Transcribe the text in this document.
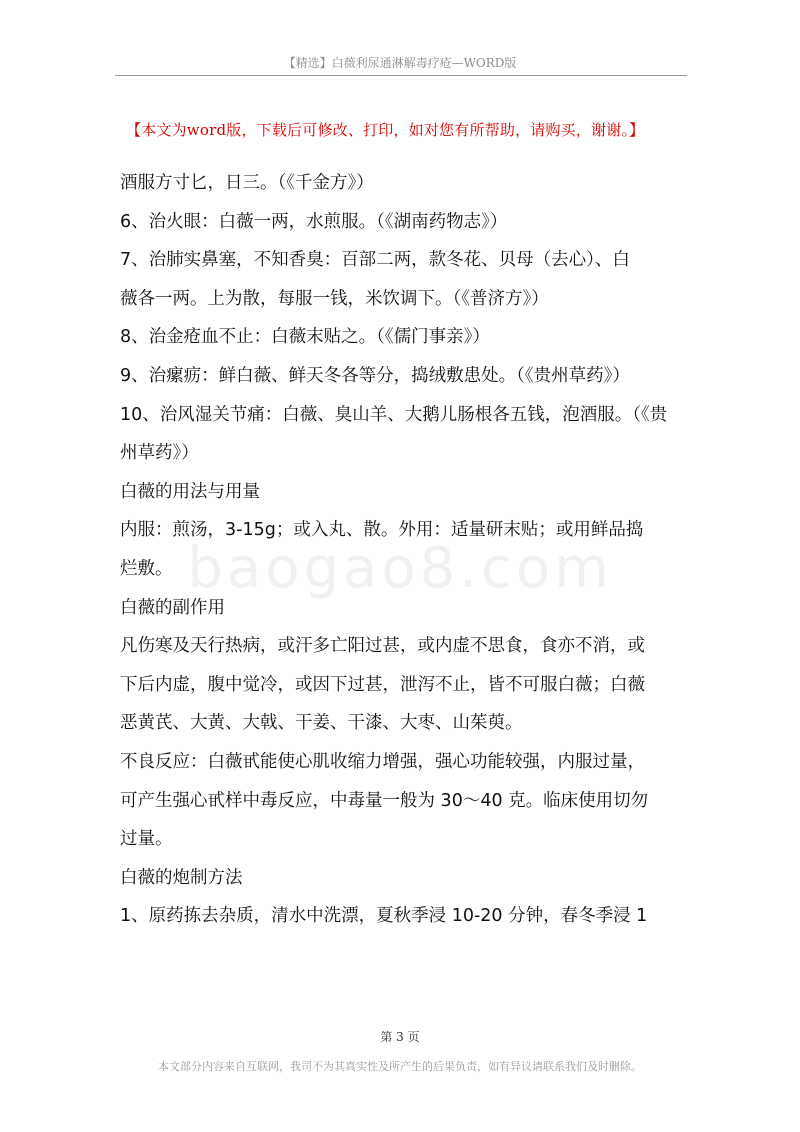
【精选】白薇利尿通淋解毒疗疮—WORD版
【本文为word版，下载后可修改、打印，如对您有所帮助，请购买，谢谢。】
baogao8.com
酒服方寸匕，日三。（《千金方》）
6、治火眼：白薇一两，水煎服。（《湖南药物志》）
7、治肺实鼻塞，不知香臭：百部二两，款冬花、贝母（去心）、白
薇各一两。上为散，每服一钱，米饮调下。（《普济方》）
8、治金疮血不止：白薇末贴之。（《儒门事亲》）
9、治瘰疬：鲜白薇、鲜天冬各等分，捣绒敷患处。（《贵州草药》）
10、治风湿关节痛：白薇、臭山羊、大鹅儿肠根各五钱，泡酒服。（《贵
州草药》）
白薇的用法与用量
内服：煎汤，3-15g；或入丸、散。外用：适量研末贴；或用鲜品捣
烂敷。
白薇的副作用
凡伤寒及天行热病，或汗多亡阳过甚，或内虚不思食，食亦不消，或
下后内虚，腹中觉冷，或因下过甚，泄泻不止，皆不可服白薇；白薇
恶黄芪、大黄、大戟、干姜、干漆、大枣、山茱萸。
不良反应：白薇甙能使心肌收缩力增强，强心功能较强，内服过量，
可产生强心甙样中毒反应，中毒量一般为 30～40 克。临床使用切勿
过量。
白薇的炮制方法
1、原药拣去杂质，清水中洗漂，夏秋季浸 10-20 分钟，春冬季浸 1
第 3 页
本文部分内容来自互联网，我司不为其真实性及所产生的后果负责，如有异议请联系我们及时删除。
